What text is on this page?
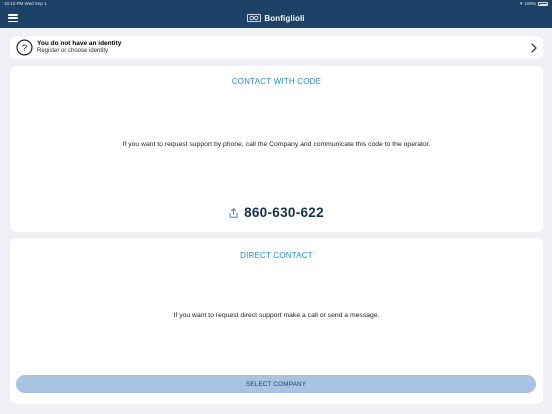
10:13 PM Wed Sep 1	▾ 100%
Bonfiglioli
? You do not have an identity
Register or choose identity
CONTACT WITH CODE
If you want to request support by phone, call the Company and communicate this code to the operator.
860-630-622
DIRECT CONTACT
If you want to request direct support make a call or send a message.
SELECT COMPANY
